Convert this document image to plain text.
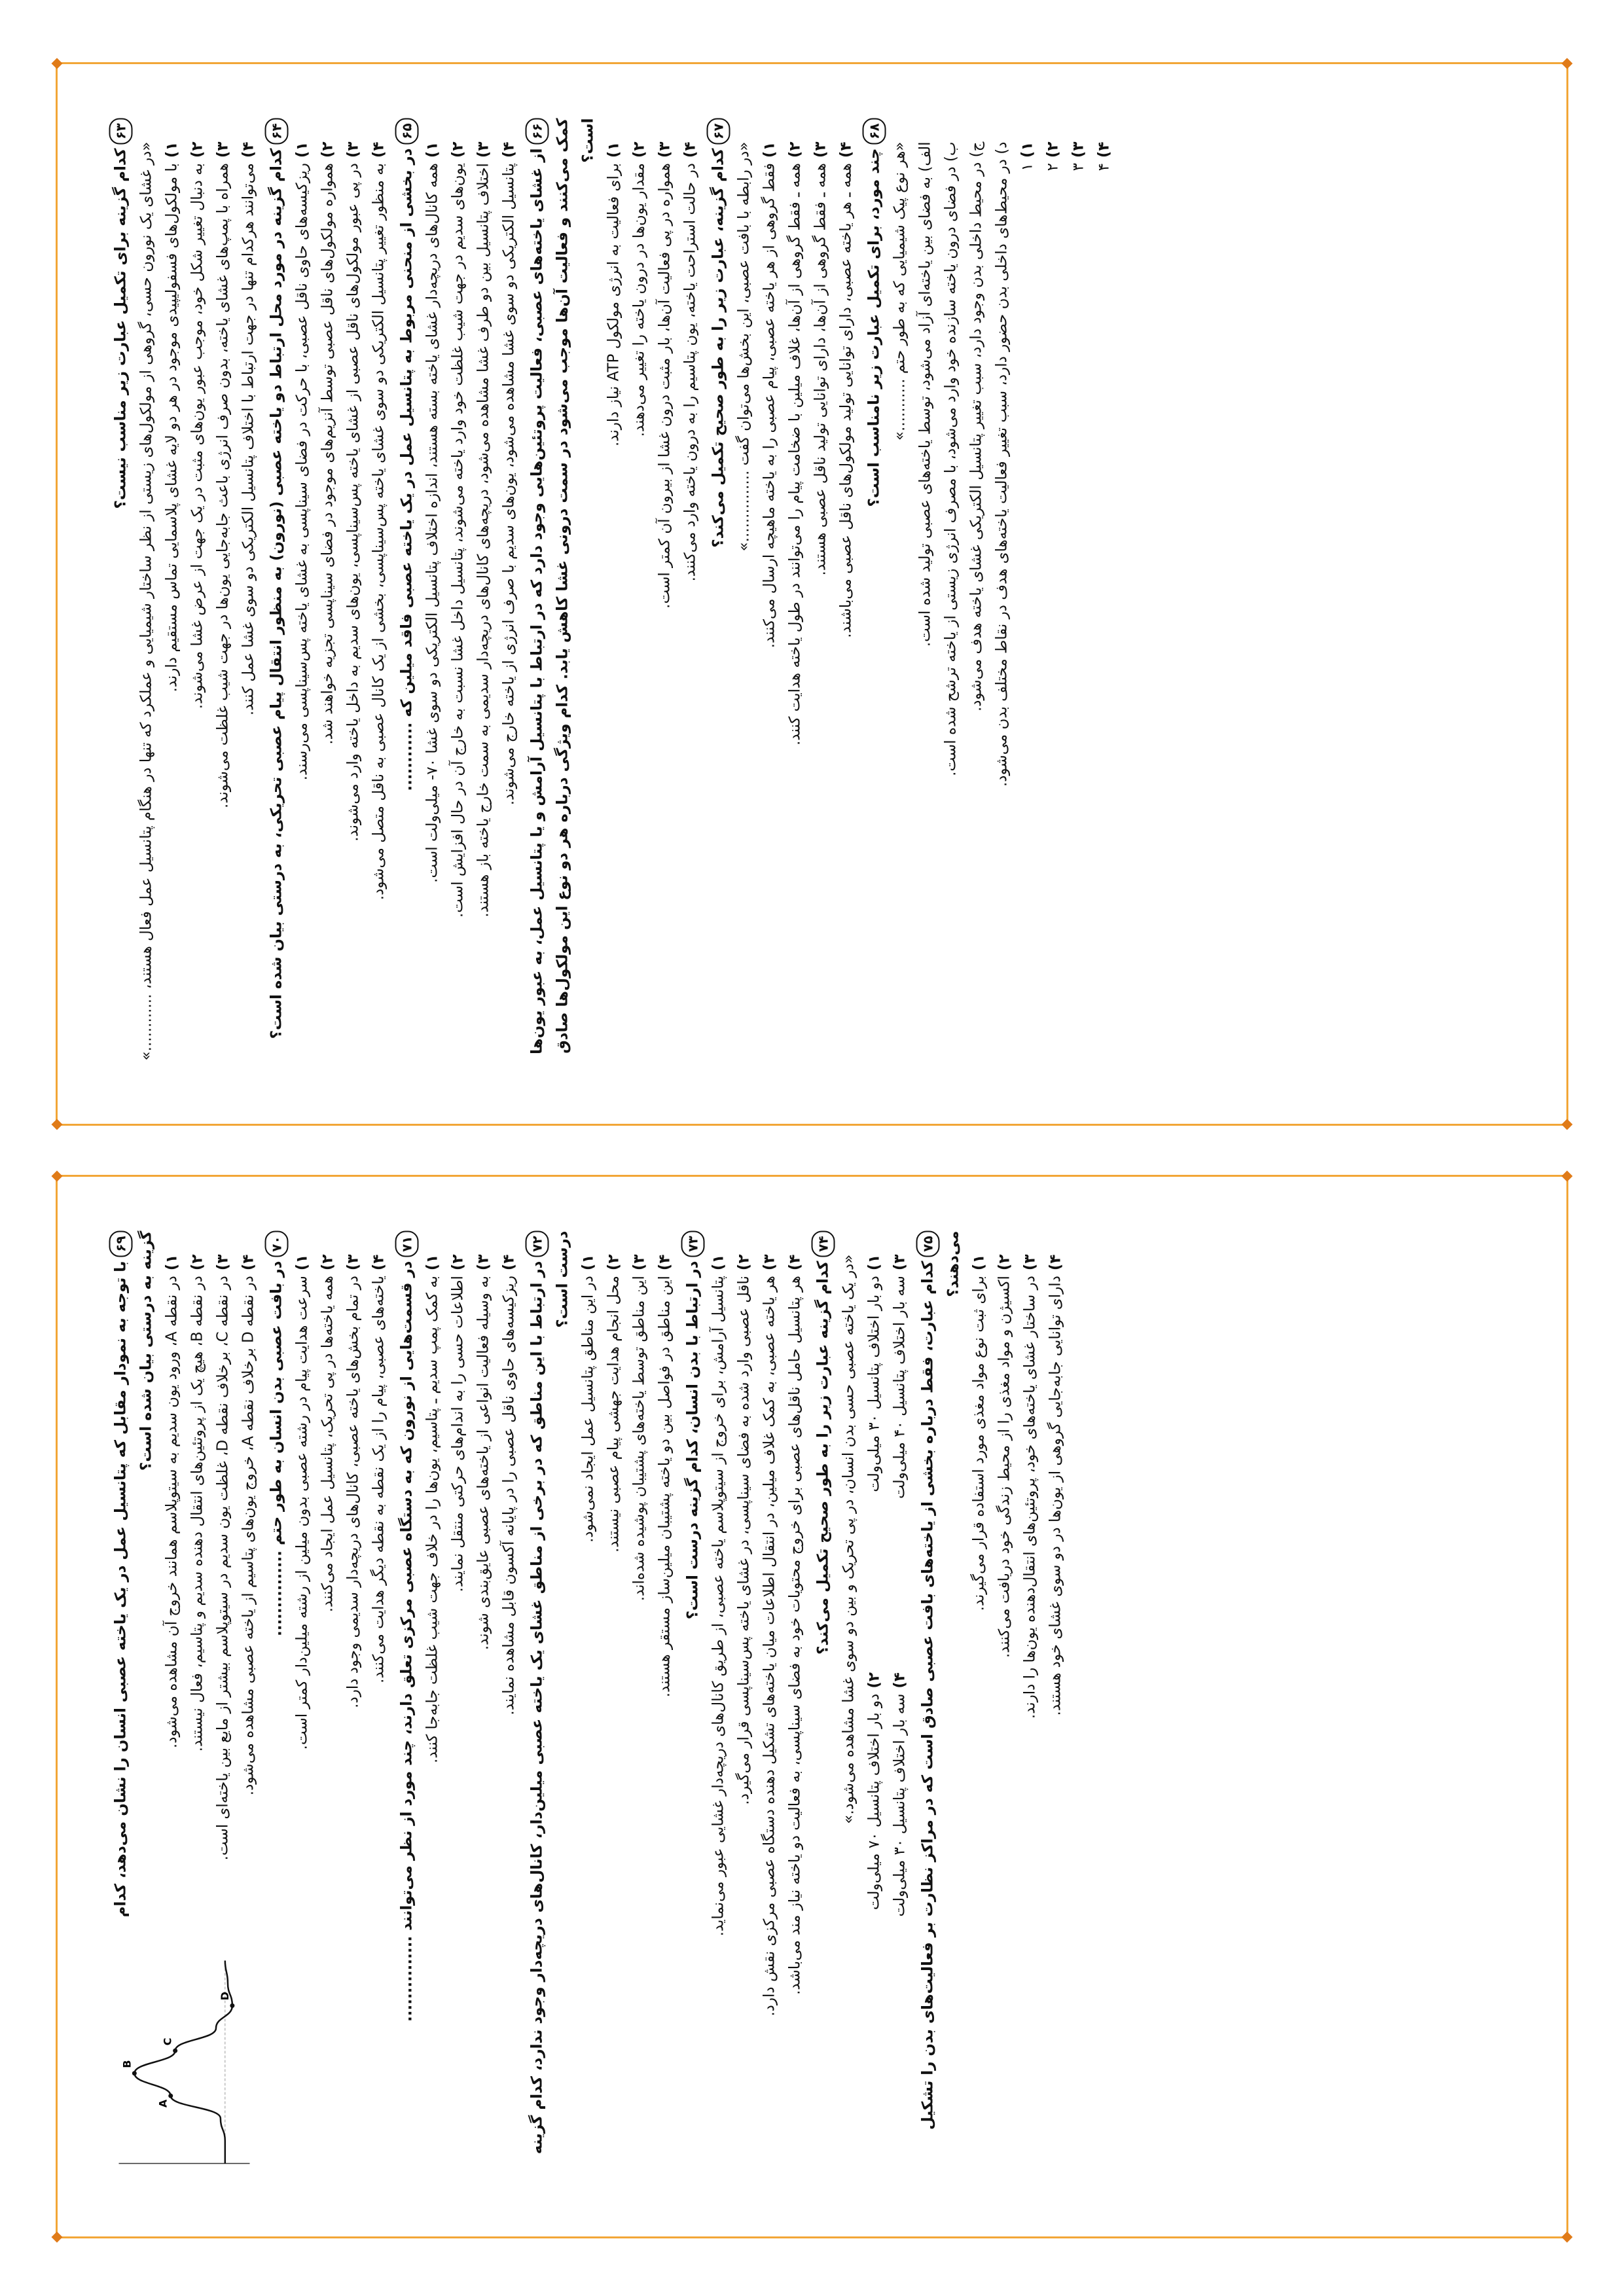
۶۳کدام گزینه برای تکمیل عبارت زیر مناسب نیست؟ «در غشای یک نورون حسی، گروهی از مولکول‌های زیستی از نظر ساختار شیمیایی و عملکرد که تنها در هنگام پتانسیل عمل فعال هستند، ............» ۱)با مولکول‌های فسفولیپیدی موجود در هر دو لایه غشای پلاسمایی تماس مستقیم دارند.
۲)به دنبال تغییر شکل خود، موجب عبور یون‌های مثبت در یک جهت از عرض غشا می‌شوند.
۳)همراه با پمپ‌های غشای یاخته، بدون صرف انرژی باعث جابه‌جایی یون‌ها در جهت شیب غلظت می‌شوند.
۴)می‌توانند هرکدام تنها در جهت ارتباط با اختلاف پتانسیل الکتریکی دو سوی غشا عمل کنند.
۶۴کدام گزینه در مورد محل ارتباط دو یاخته عصبی (نورون) به منظور انتقال پیام عصبی تحریکی، به درستی بیان شده است؟ ۱)ریزکیسه‌های حاوی ناقل عصبی، با حرکت در فضای سیناپسی به غشای یاخته پس‌سیناپسی می‌رسند.
۲)همواره مولکول‌های ناقل عصبی توسط آنزیم‌های موجود در فضای سیناپسی تجزیه خواهند شد.
۳)در پی عبور مولکول‌های ناقل عصبی از غشای یاخته پس‌سیناپسی، یون‌های سدیم به داخل یاخته وارد می‌شوند.
۴)به منظور تغییر پتانسیل الکتریکی دو سوی غشای یاخته پس‌سیناپسی، بخشی از یک کانال عصبی به ناقل متصل می‌شود.
۶۵در بخشی از منحنی مربوط به پتانسیل عمل در یک یاخته عصبی فاقد میلین که ............ ۱)همه کانال‌های دریچه‌دار غشای یاخته بسته هستند، اندازه اختلاف پتانسیل الکتریکی دو سوی غشا ۷۰- میلی‌ولت است.
۲)یون‌های سدیم در جهت شیب غلظت خود وارد یاخته می‌شوند، پتانسیل داخل غشا نسبت به خارج آن در حال افزایش است.
۳)اختلاف پتانسیل بین دو طرف غشا مشاهده می‌شود، دریچه‌های کانال‌های دریچه‌دار سدیمی به سمت خارج یاخته باز هستند.
۴)پتانسیل الکتریکی دو سوی غشا مشاهده می‌شود، یون‌های سدیم با صرف انرژی از یاخته خارج می‌شوند.
۶۶از غشای یاخته‌های عصبی، فعالیت پروتئین‌هایی وجود دارد که در ارتباط با پتانسیل آرامش و یا پتانسیل عمل، به عبور یون‌ها کمک می‌کنند و فعالیت آن‌ها موجب می‌شود در سمت درونی غشا کاهش یابد. کدام ویژگی درباره هر دو نوع این مولکول‌ها صادق است؟ ۱)برای فعالیت به انرژی مولکول ATP نیاز دارند.
۲)مقدار یون‌ها در درون یاخته را تغییر می‌دهند.
۳)همواره در پی فعالیت آن‌ها، بار مثبت درون غشا از بیرون آن کمتر است.
۴)در حالت استراحت یاخته، یون پتاسیم را به درون یاخته وارد می‌کنند.
۶۷کدام گزینه، عبارت زیر را به طور صحیح تکمیل می‌کند؟ «در رابطه با بافت عصبی، این بخش‌ها می‌توان گفت ...............» ۱)فقط گروهی از هر یاخته عصبی، پیام عصبی را به یاخته ماهیچه ارسال می‌کنند.
۲)همه ـ فقط گروهی از آن‌ها، غلاف میلین با ضخامت پیام را می‌توانند در طول یاخته هدایت کنند.
۳)همه ـ فقط گروهی از آن‌ها، دارای توانایی تولید ناقل عصبی هستند.
۴)همه ـ هر یاخته عصبی، دارای توانایی تولید مولکول‌های ناقل عصبی می‌باشند.
۶۸چند مورد، برای تکمیل عبارت زیر نامناسب است؟ «هر نوع پیک شیمیایی که به طور حتم ...........» الف) به فضای بین یاخته‌ای آزاد می‌شود، توسط یاخته‌های عصبی تولید شده است. ب) در فضای درون یاخته سازنده خود وارد می‌شود، با مصرف انرژی زیستی از یاخته ترشح شده است. ج) در محیط داخلی بدن وجود دارد، سبب تغییر پتانسیل الکتریکی غشای یاخته هدف می‌شود. د) در محیط‌های داخلی بدن حضور دارد، سبب تغییر فعالیت یاخته‌های هدف در نقاط مختلف بدن می‌شود. ۱)۱
۲)۲
۳)۳
۴)۴
A
B
C
D
۶۹با توجه به نمودار مقابل که پتانسیل عمل در یک یاخته عصبی انسان را نشان می‌دهد، کدام گزینه به درستی بیان شده است؟ ۱)در نقطه A، ورود یون سدیم به سیتوپلاسم همانند خروج آن مشاهده می‌شود.
۲)در نقطه B، هیچ یک از پروتئین‌های انتقال دهنده سدیم و پتاسیم، فعال نیستند.
۳)در نقطه C، برخلاف نقطه D، غلظت یون سدیم در سیتوپلاسم بیشتر از مایع بین یاخته‌ای است.
۴)در نقطه D برخلاف نقطه A، خروج یون‌های پتاسیم از یاخته عصبی مشاهده می‌شود.
۷۰در بافت عصبی بدن انسان به طور حتم ............... ۱)سرعت هدایت پیام در رشته عصبی بدون میلین از رشته میلین‌دار کمتر است.
۲)همه یاخته‌ها در پی تحریک، پتانسیل عمل ایجاد می‌کنند.
۳)در تمام بخش‌های یاخته عصبی، کانال‌های دریچه‌دار سدیمی وجود دارد.
۴)یاخته‌های عصبی، پیام را از یک نقطه به نقطه دیگر هدایت می‌کنند.
۷۱در قسمت‌هایی از نورون که به دستگاه عصبی مرکزی تعلق دارند، چند مورد از نظر می‌توانند ............... ۱)به کمک پمپ سدیم ـ پتاسیم، یون‌ها را در خلاف جهت شیب غلظت جابه‌جا کنند.
۲)اطلاعات حسی را به اندام‌های حرکتی منتقل نمایند.
۳)به وسیله فعالیت انواعی از یاخته‌های عصبی عایق‌بندی شوند.
۴)ریزکیسه‌های حاوی ناقل عصبی را در پایانه آکسون قابل مشاهده نمایند.
۷۲در ارتباط با این مناطق که در برخی از مناطق غشای یک یاخته عصبی میلین‌دار، کانال‌های دریچه‌دار وجود ندارد، کدام گزینه درست است؟ ۱)در این مناطق پتانسیل عمل ایجاد نمی‌شود.
۲)محل انجام هدایت جهشی پیام عصبی نیستند.
۳)این مناطق توسط یاخته‌های پشتیبان پوشیده شده‌اند.
۴)این مناطق در فواصل بین دو یاخته پشتیبان میلین‌ساز مستقر هستند.
۷۳در ارتباط با بدن انسان، کدام گزینه درست است؟ ۱)پتانسیل آرامش، برای خروج از سیتوپلاسم یاخته عصبی، از طریق کانال‌های دریچه‌دار غشایی عبور می‌نماید.
۲)ناقل عصبی وارد شده به فضای سیناپسی، در غشای یاخته پس‌سیناپسی قرار می‌گیرد.
۳)هر یاخته عصبی، به کمک غلاف میلین، در انتقال اطلاعات میان یاخته‌های تشکیل دهنده دستگاه عصبی مرکزی نقش دارد.
۴)هر پتانسیل حامل ناقل‌های عصبی برای خروج محتویات خود به فضای سیناپسی، به فعالیت دو یاخته نیاز مند می‌باشد.
۷۴کدام گزینه عبارت زیر را به طور صحیح تکمیل می‌کند؟ «در یک یاخته عصبی حسی بدن انسان، در پی تحریک و بین دو سوی غشا مشاهده می‌شود.» ۱)دو بار اختلاف پتانسیل ۳۰ میلی‌ولت
۲)دو بار اختلاف پتانسیل ۷۰ میلی‌ولت
۳)سه بار اختلاف پتانسیل ۴۰ میلی‌ولت
۴)سه بار اختلاف پتانسیل ۳۰ میلی‌ولت
۷۵کدام عبارت، فقط درباره بخشی از یاخته‌های بافت عصبی صادق است که در مراکز نظارت بر فعالیت‌های بدن را تشکیل می‌دهند؟ ۱)برای ثبت نوع مواد مغذی مورد استفاده قرار می‌گیرند.
۲)اکسیژن و مواد مغذی را از محیط زندگی خود دریافت می‌کنند.
۳)در ساختار غشای یاخته‌های خود، پروتئین‌های انتقال‌دهنده یون‌ها را دارند.
۴)دارای توانایی جابه‌جایی گروهی از یون‌ها در دو سوی غشای خود هستند.
